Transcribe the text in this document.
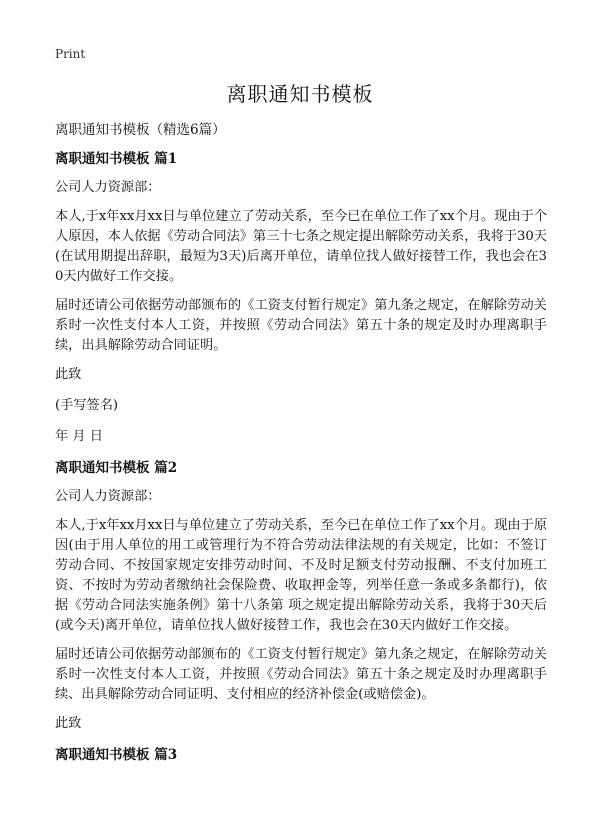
Print
离职通知书模板

离职通知书模板（精选6篇）

离职通知书模板 篇1

公司人力资源部：

本人,于x年xx月xx日与单位建立了劳动关系，至今已在单位工作了xx个月。现由于个人原因，本人依据《劳动合同法》第三十七条之规定提出解除劳动关系，我将于30天(在试用期提出辞职，最短为3天)后离开单位，请单位找人做好接替工作，我也会在30天内做好工作交接。

届时还请公司依据劳动部颁布的《工资支付暂行规定》第九条之规定，在解除劳动关系时一次性支付本人工资，并按照《劳动合同法》第五十条的规定及时办理离职手续，出具解除劳动合同证明。

此致

(手写签名)

年 月 日

离职通知书模板 篇2

公司人力资源部：

本人,于x年xx月xx日与单位建立了劳动关系，至今已在单位工作了xx个月。现由于原因(由于用人单位的用工或管理行为不符合劳动法律法规的有关规定，比如：不签订劳动合同、不按国家规定安排劳动时间、不及时足额支付劳动报酬、不支付加班工资、不按时为劳动者缴纳社会保险费、收取押金等，列举任意一条或多条都行)，依据《劳动合同法实施条例》第十八条第 项之规定提出解除劳动关系，我将于30天后(或今天)离开单位，请单位找人做好接替工作，我也会在30天内做好工作交接。

届时还请公司依据劳动部颁布的《工资支付暂行规定》第九条之规定，在解除劳动关系时一次性支付本人工资，并按照《劳动合同法》第五十条之规定及时办理离职手续、出具解除劳动合同证明、支付相应的经济补偿金(或赔偿金)。

此致

离职通知书模板 篇3
